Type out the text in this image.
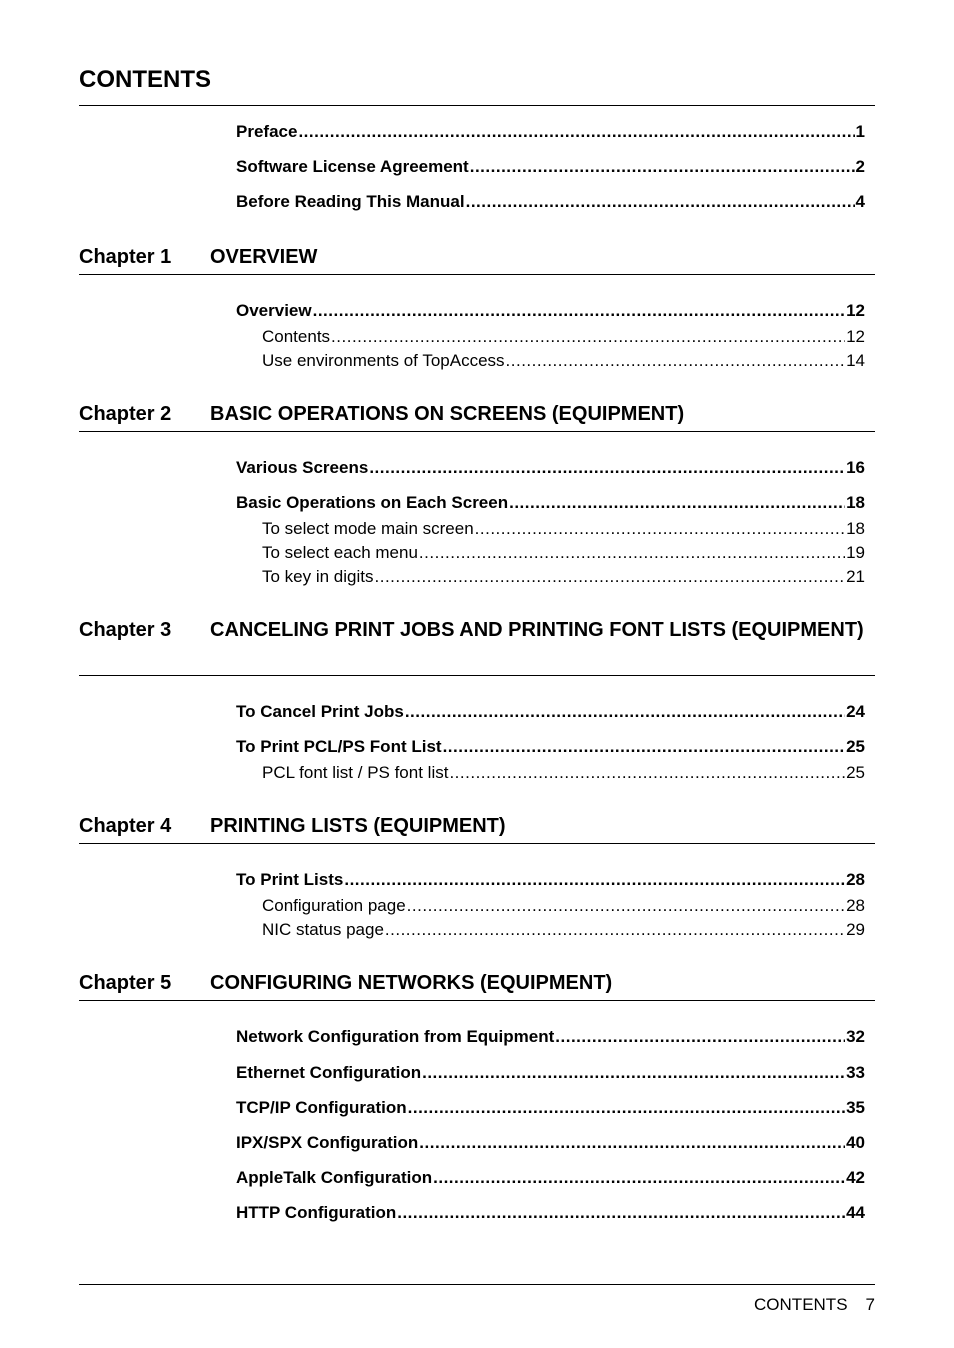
CONTENTS
Preface .....	1
Software License Agreement .....	2
Before Reading This Manual .....	4
Chapter 1 OVERVIEW
Overview .....	12
Contents .....	12
Use environments of TopAccess .....	14
Chapter 2 BASIC OPERATIONS ON SCREENS (EQUIPMENT)
Various Screens .....	16
Basic Operations on Each Screen .....	18
To select mode main screen .....	18
To select each menu .....	19
To key in digits .....	21
Chapter 3 CANCELING PRINT JOBS AND PRINTING FONT LISTS (EQUIPMENT)
To Cancel Print Jobs .....	24
To Print PCL/PS Font List .....	25
PCL font list / PS font list .....	25
Chapter 4 PRINTING LISTS (EQUIPMENT)
To Print Lists .....	28
Configuration page .....	28
NIC status page .....	29
Chapter 5 CONFIGURING NETWORKS (EQUIPMENT)
Network Configuration from Equipment .....	32
Ethernet Configuration .....	33
TCP/IP Configuration .....	35
IPX/SPX Configuration .....	40
AppleTalk Configuration .....	42
HTTP Configuration .....	44
CONTENTS 7
